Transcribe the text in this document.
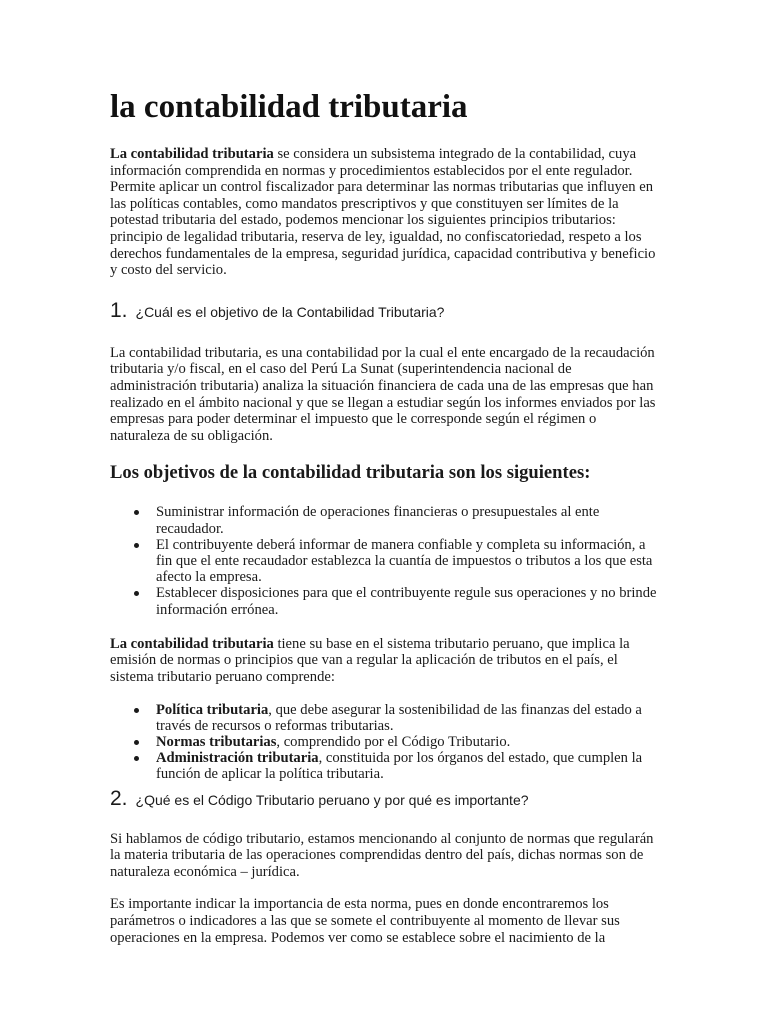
la contabilidad tributaria

La contabilidad tributaria se considera un subsistema integrado de la contabilidad, cuya información comprendida en normas y procedimientos establecidos por el ente regulador. Permite aplicar un control fiscalizador para determinar las normas tributarias que influyen en las políticas contables, como mandatos prescriptivos y que constituyen ser límites de la potestad tributaria del estado, podemos mencionar los siguientes principios tributarios: principio de legalidad tributaria, reserva de ley, igualdad, no confiscatoriedad, respeto a los derechos fundamentales de la empresa, seguridad jurídica, capacidad contributiva y beneficio y costo del servicio.

1. ¿Cuál es el objetivo de la Contabilidad Tributaria?

La contabilidad tributaria, es una contabilidad por la cual el ente encargado de la recaudación tributaria y/o fiscal, en el caso del Perú La Sunat (superintendencia nacional de administración tributaria) analiza la situación financiera de cada una de las empresas que han realizado en el ámbito nacional y que se llegan a estudiar según los informes enviados por las empresas para poder determinar el impuesto que le corresponde según el régimen o naturaleza de su obligación.

Los objetivos de la contabilidad tributaria son los siguientes:
Suministrar información de operaciones financieras o presupuestales al ente recaudador.
El contribuyente deberá informar de manera confiable y completa su información, a fin que el ente recaudador establezca la cuantía de impuestos o tributos a los que esta afecto la empresa.
Establecer disposiciones para que el contribuyente regule sus operaciones y no brinde información errónea.

La contabilidad tributaria tiene su base en el sistema tributario peruano, que implica la emisión de normas o principios que van a regular la aplicación de tributos en el país, el sistema tributario peruano comprende:

Política tributaria, que debe asegurar la sostenibilidad de las finanzas del estado a través de recursos o reformas tributarias.
Normas tributarias, comprendido por el Código Tributario.
Administración tributaria, constituida por los órganos del estado, que cumplen la función de aplicar la política tributaria.
2. ¿Qué es el Código Tributario peruano y por qué es importante?

Si hablamos de código tributario, estamos mencionando al conjunto de normas que regularán la materia tributaria de las operaciones comprendidas dentro del país, dichas normas son de naturaleza económica – jurídica.

Es importante indicar la importancia de esta norma, pues en donde encontraremos los parámetros o indicadores a las que se somete el contribuyente al momento de llevar sus operaciones en la empresa. Podemos ver como se establece sobre el nacimiento de la
